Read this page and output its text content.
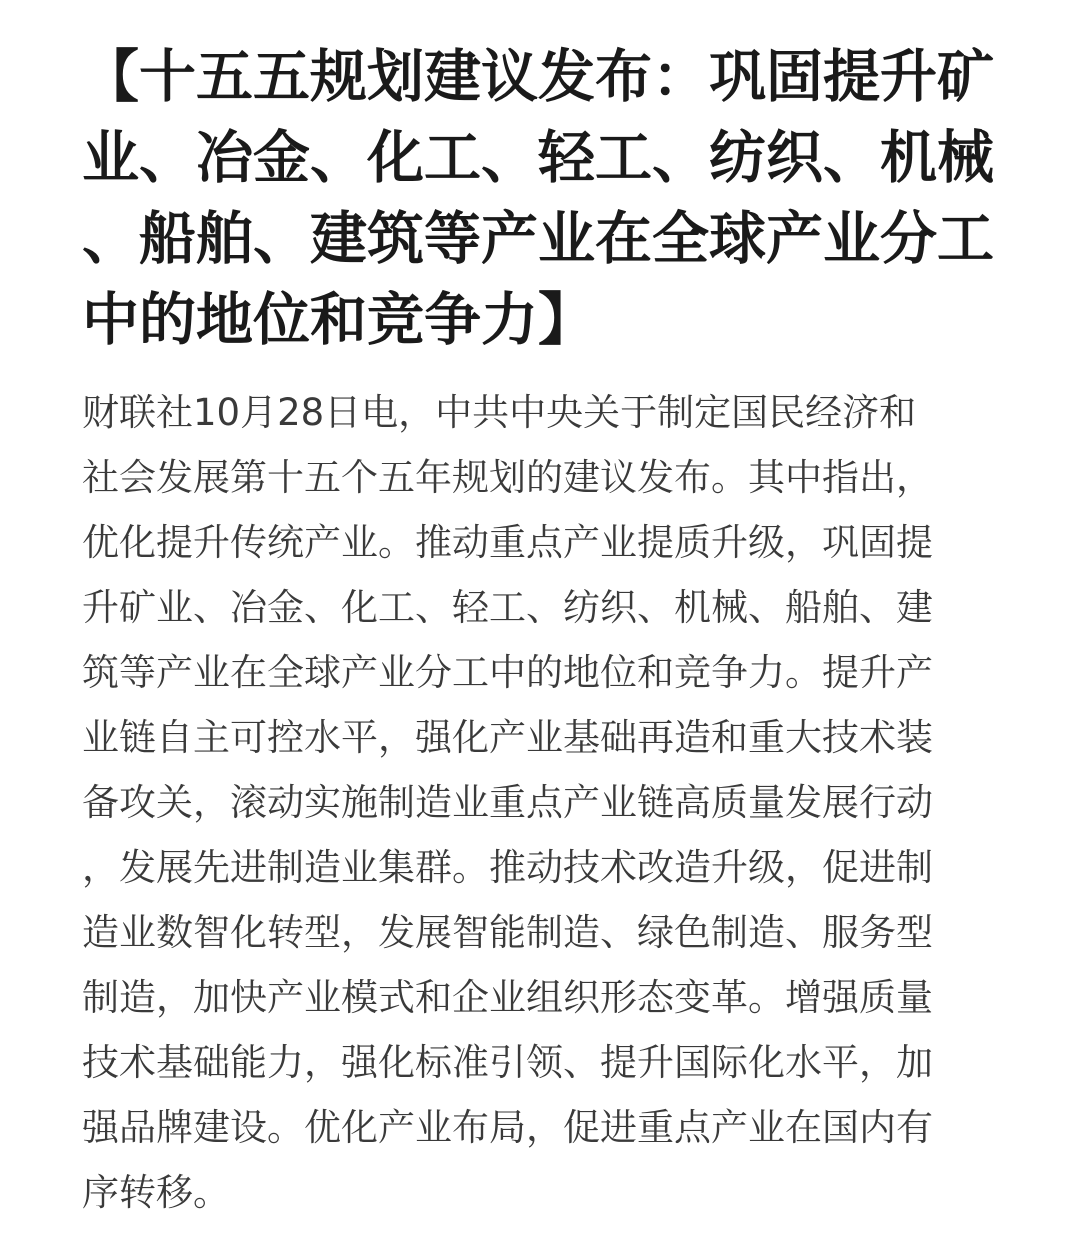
【十五五规划建议发布：巩固提升矿
业、冶金、化工、轻工、纺织、机械
、船舶、建筑等产业在全球产业分工
中的地位和竞争力】

财联社10月28日电，中共中央关于制定国民经济和
社会发展第十五个五年规划的建议发布。其中指出，
优化提升传统产业。推动重点产业提质升级，巩固提
升矿业、冶金、化工、轻工、纺织、机械、船舶、建
筑等产业在全球产业分工中的地位和竞争力。提升产
业链自主可控水平，强化产业基础再造和重大技术装
备攻关，滚动实施制造业重点产业链高质量发展行动
，发展先进制造业集群。推动技术改造升级，促进制
造业数智化转型，发展智能制造、绿色制造、服务型
制造，加快产业模式和企业组织形态变革。增强质量
技术基础能力，强化标准引领、提升国际化水平，加
强品牌建设。优化产业布局，促进重点产业在国内有
序转移。
